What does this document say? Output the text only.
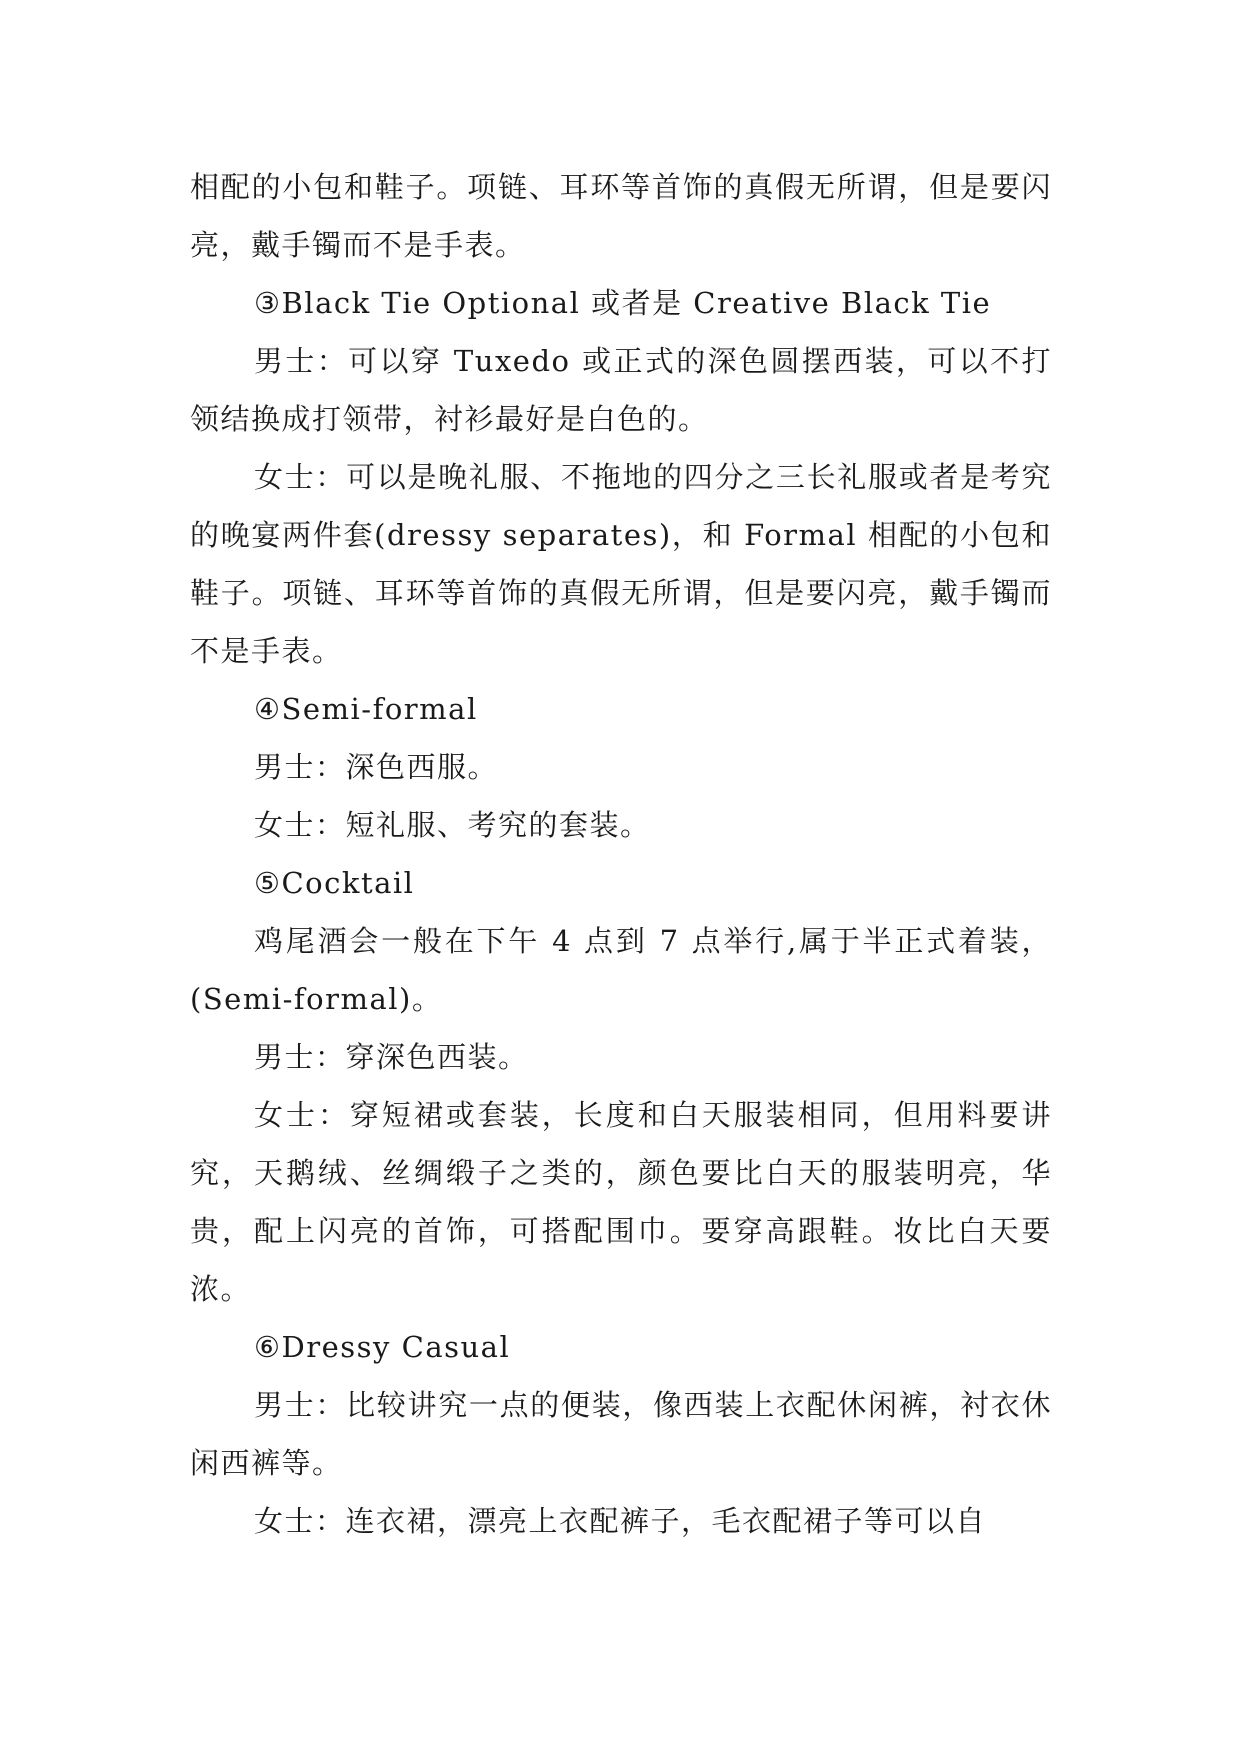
相配的小包和鞋子。项链、耳环等首饰的真假无所谓，但是要闪亮，戴手镯而不是手表。

③Black Tie Optional 或者是 Creative Black Tie

男士：可以穿 Tuxedo 或正式的深色圆摆西装，可以不打领结换成打领带，衬衫最好是白色的。

女士：可以是晚礼服、不拖地的四分之三长礼服或者是考究的晚宴两件套(dressy separates)，和 Formal 相配的小包和鞋子。项链、耳环等首饰的真假无所谓，但是要闪亮，戴手镯而不是手表。

④Semi-formal

男士：深色西服。

女士：短礼服、考究的套装。

⑤Cocktail

鸡尾酒会一般在下午 4 点到 7 点举行,属于半正式着装，(Semi-formal)。

男士：穿深色西装。

女士：穿短裙或套装，长度和白天服装相同，但用料要讲究，天鹅绒、丝绸缎子之类的，颜色要比白天的服装明亮，华贵，配上闪亮的首饰，可搭配围巾。要穿高跟鞋。妆比白天要浓。

⑥Dressy Casual

男士：比较讲究一点的便装，像西装上衣配休闲裤，衬衣休闲西裤等。

女士：连衣裙，漂亮上衣配裤子，毛衣配裙子等可以自
